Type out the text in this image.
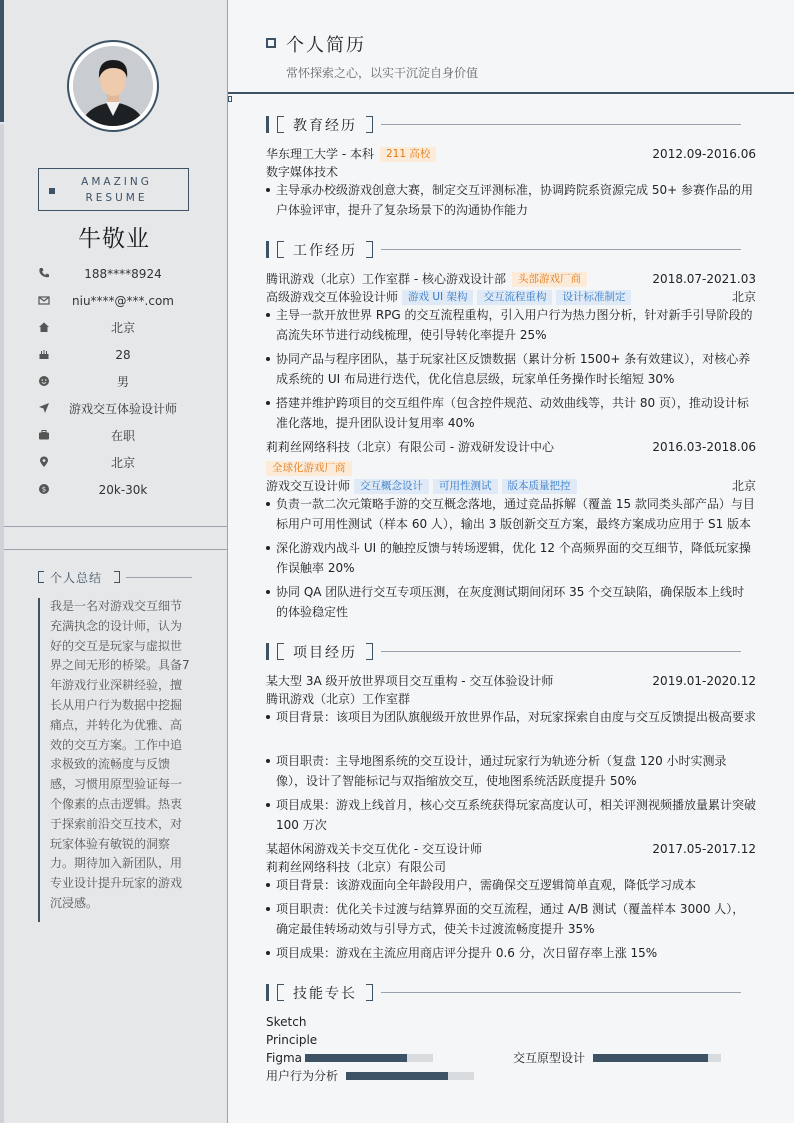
AMAZING
RESUME
牛敬业
188****8924
niu****@***.com
北京
28
男
游戏交互体验设计师
在职
北京
$	20k-30k
个人总结
我是一名对游戏交互细节充满执念的设计师，认为好的交互是玩家与虚拟世界之间无形的桥梁。具备7 年游戏行业深耕经验，擅长从用户行为数据中挖掘痛点，并转化为优雅、高效的交互方案。工作中追求极致的流畅度与反馈感，习惯用原型验证每一个像素的点击逻辑。热衷于探索前沿交互技术，对玩家体验有敏锐的洞察力。期待加入新团队，用专业设计提升玩家的游戏沉浸感。
个人简历
常怀探索之心，以实干沉淀自身价值
教育经历
华东理工大学 - 本科 211 高校	2012.09-2016.06
数字媒体技术
主导承办校级游戏创意大赛，制定交互评测标准，协调跨院系资源完成 50+ 参赛作品的用户体验评审，提升了复杂场景下的沟通协作能力
工作经历
腾讯游戏（北京）工作室群 - 核心游戏设计部 头部游戏厂商	2018.07-2021.03
高级游戏交互体验设计师 游戏 UI 架构 交互流程重构 设计标准制定	北京
主导一款开放世界 RPG 的交互流程重构，引入用户行为热力图分析，针对新手引导阶段的高流失环节进行动线梳理，使引导转化率提升 25%
协同产品与程序团队，基于玩家社区反馈数据（累计分析 1500+ 条有效建议），对核心养成系统的 UI 布局进行迭代，优化信息层级，玩家单任务操作时长缩短 30%
搭建并维护跨项目的交互组件库（包含控件规范、动效曲线等，共计 80 页），推动设计标准化落地，提升团队设计复用率 40%
莉莉丝网络科技（北京）有限公司 - 游戏研发设计中心	2016.03-2018.06
全球化游戏厂商
游戏交互设计师 交互概念设计 可用性测试 版本质量把控	北京
负责一款二次元策略手游的交互概念落地，通过竞品拆解（覆盖 15 款同类头部产品）与目标用户可用性测试（样本 60 人），输出 3 版创新交互方案，最终方案成功应用于 S1 版本
深化游戏内战斗 UI 的触控反馈与转场逻辑，优化 12 个高频界面的交互细节，降低玩家操作误触率 20%
协同 QA 团队进行交互专项压测，在灰度测试期间闭环 35 个交互缺陷，确保版本上线时的体验稳定性
项目经历
某大型 3A 级开放世界项目交互重构 - 交互体验设计师	2019.01-2020.12
腾讯游戏（北京）工作室群
项目背景：该项目为团队旗舰级开放世界作品，对玩家探索自由度与交互反馈提出极高要求
项目职责：主导地图系统的交互设计，通过玩家行为轨迹分析（复盘 120 小时实测录像），设计了智能标记与双指缩放交互，使地图系统活跃度提升 50%
项目成果：游戏上线首月，核心交互系统获得玩家高度认可，相关评测视频播放量累计突破 100 万次
某超休闲游戏关卡交互优化 - 交互设计师	2017.05-2017.12
莉莉丝网络科技（北京）有限公司
项目背景：该游戏面向全年龄段用户，需确保交互逻辑简单直观，降低学习成本
项目职责：优化关卡过渡与结算界面的交互流程，通过 A/B 测试（覆盖样本 3000 人），确定最佳转场动效与引导方式，使关卡过渡流畅度提升 35%
项目成果：游戏在主流应用商店评分提升 0.6 分，次日留存率上涨 15%
技能专长
Sketch
Principle
Figma	交互原型设计
用户行为分析
